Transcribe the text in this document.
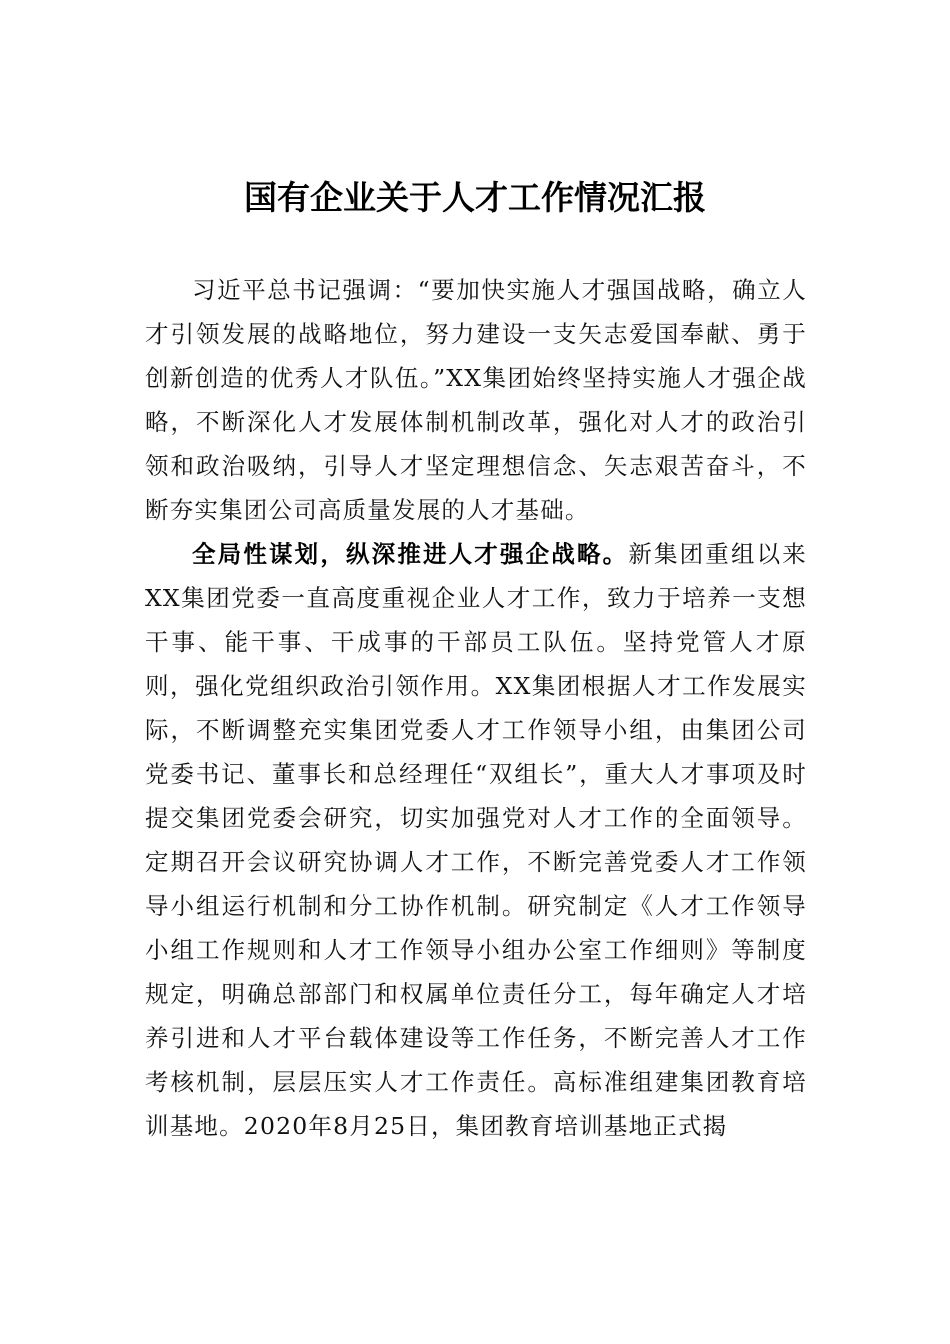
国有企业关于人才工作情况汇报

习近平总书记强调：“要加快实施人才强国战略，确立人才引领发展的战略地位，努力建设一支矢志爱国奉献、勇于创新创造的优秀人才队伍。”XX集团始终坚持实施人才强企战略，不断深化人才发展体制机制改革，强化对人才的政治引领和政治吸纳，引导人才坚定理想信念、矢志艰苦奋斗，不断夯实集团公司高质量发展的人才基础。

全局性谋划，纵深推进人才强企战略。新集团重组以来XX集团党委一直高度重视企业人才工作，致力于培养一支想干事、能干事、干成事的干部员工队伍。坚持党管人才原则，强化党组织政治引领作用。XX集团根据人才工作发展实际，不断调整充实集团党委人才工作领导小组，由集团公司党委书记、董事长和总经理任“双组长”，重大人才事项及时提交集团党委会研究，切实加强党对人才工作的全面领导。定期召开会议研究协调人才工作，不断完善党委人才工作领导小组运行机制和分工协作机制。研究制定《人才工作领导小组工作规则和人才工作领导小组办公室工作细则》等制度规定，明确总部部门和权属单位责任分工，每年确定人才培养引进和人才平台载体建设等工作任务，不断完善人才工作考核机制，层层压实人才工作责任。高标准组建集团教育培训基地。2020年8月25日，集团教育培训基地正式揭
